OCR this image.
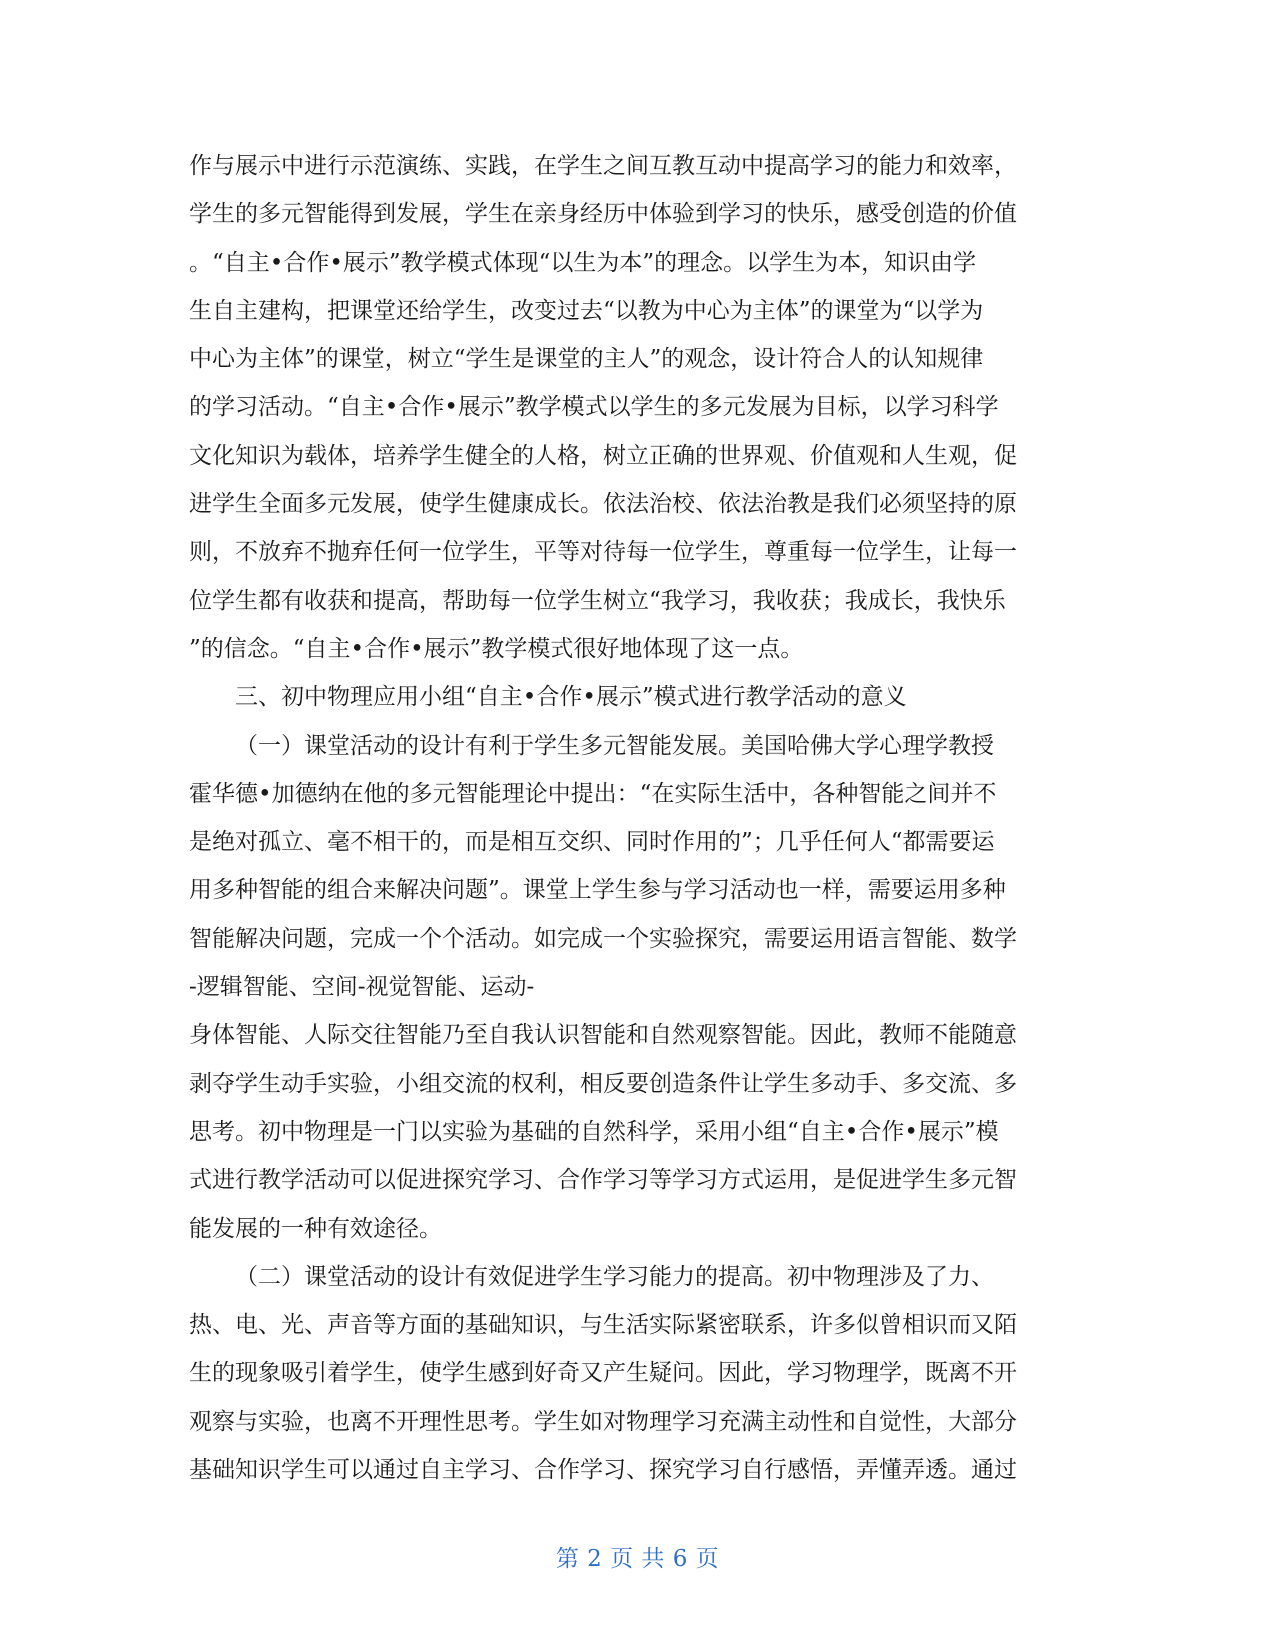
作与展示中进行示范演练、实践，在学生之间互教互动中提高学习的能力和效率，
学生的多元智能得到发展，学生在亲身经历中体验到学习的快乐，感受创造的价值
。“自主•合作•展示”教学模式体现“以生为本”的理念。以学生为本，知识由学
生自主建构，把课堂还给学生，改变过去“以教为中心为主体”的课堂为“以学为
中心为主体”的课堂，树立“学生是课堂的主人”的观念，设计符合人的认知规律
的学习活动。“自主•合作•展示”教学模式以学生的多元发展为目标，以学习科学
文化知识为载体，培养学生健全的人格，树立正确的世界观、价值观和人生观，促
进学生全面多元发展，使学生健康成长。依法治校、依法治教是我们必须坚持的原
则，不放弃不抛弃任何一位学生，平等对待每一位学生，尊重每一位学生，让每一
位学生都有收获和提高，帮助每一位学生树立“我学习，我收获；我成长，我快乐
”的信念。“自主•合作•展示”教学模式很好地体现了这一点。
三、初中物理应用小组“自主•合作•展示”模式进行教学活动的意义
（一）课堂活动的设计有利于学生多元智能发展。美国哈佛大学心理学教授
霍华德•加德纳在他的多元智能理论中提出：“在实际生活中，各种智能之间并不
是绝对孤立、毫不相干的，而是相互交织、同时作用的”；几乎任何人“都需要运
用多种智能的组合来解决问题”。课堂上学生参与学习活动也一样，需要运用多种
智能解决问题，完成一个个活动。如完成一个实验探究，需要运用语言智能、数学
-逻辑智能、空间-视觉智能、运动-
身体智能、人际交往智能乃至自我认识智能和自然观察智能。因此，教师不能随意
剥夺学生动手实验，小组交流的权利，相反要创造条件让学生多动手、多交流、多
思考。初中物理是一门以实验为基础的自然科学，采用小组“自主•合作•展示”模
式进行教学活动可以促进探究学习、合作学习等学习方式运用，是促进学生多元智
能发展的一种有效途径。
（二）课堂活动的设计有效促进学生学习能力的提高。初中物理涉及了力、
热、电、光、声音等方面的基础知识，与生活实际紧密联系，许多似曾相识而又陌
生的现象吸引着学生，使学生感到好奇又产生疑问。因此，学习物理学，既离不开
观察与实验，也离不开理性思考。学生如对物理学习充满主动性和自觉性，大部分
基础知识学生可以通过自主学习、合作学习、探究学习自行感悟，弄懂弄透。通过
第 2 页 共 6 页
